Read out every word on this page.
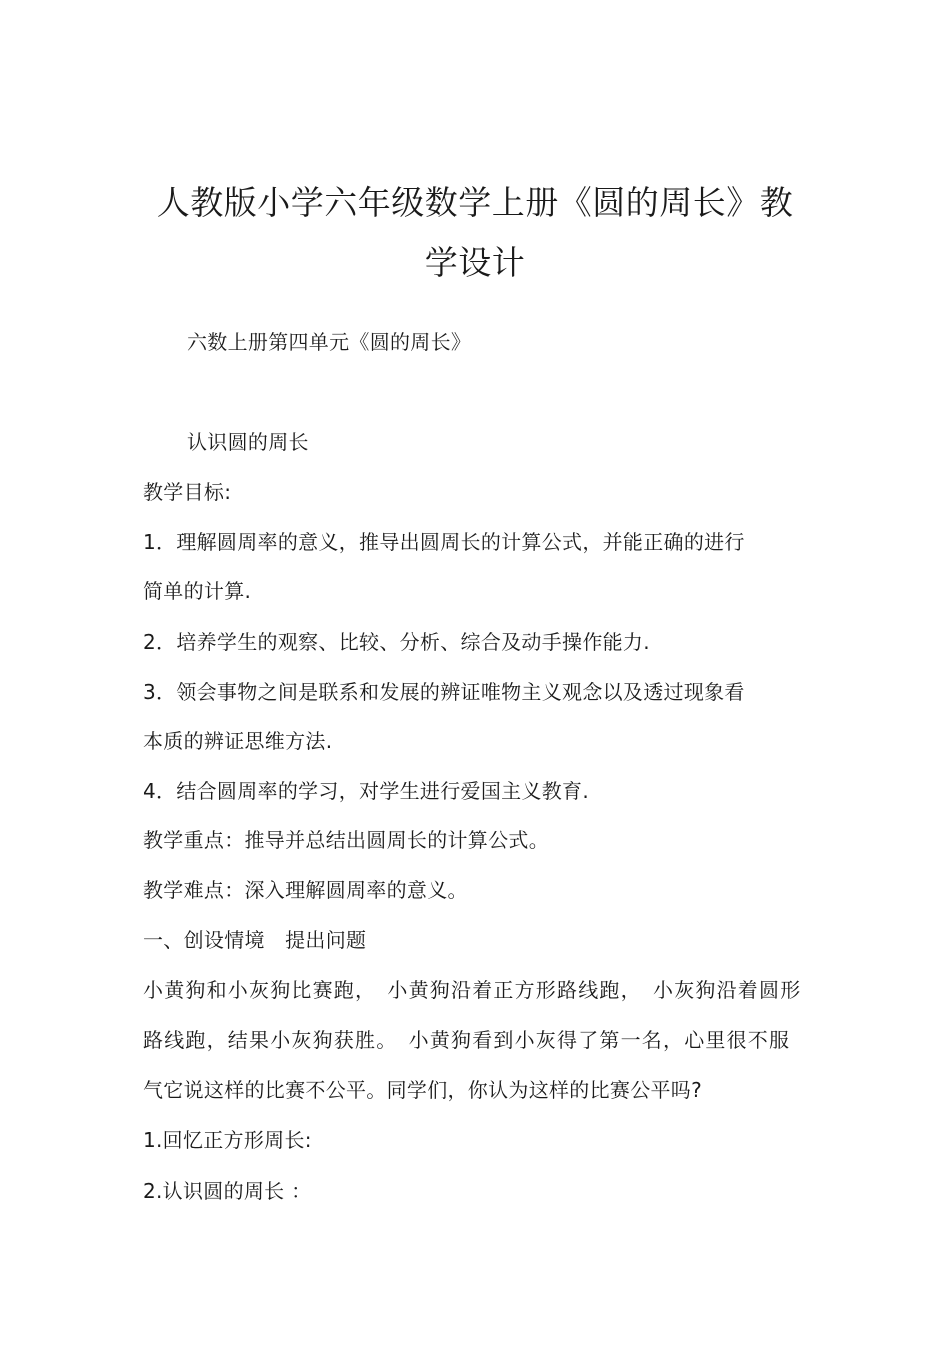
人教版小学六年级数学上册《圆的周长》教
学设计
六数上册第四单元《圆的周长》
认识圆的周长
教学目标:
1．理解圆周率的意义，推导出圆周长的计算公式，并能正确的进行
简单的计算.
2．培养学生的观察、比较、分析、综合及动手操作能力.
3．领会事物之间是联系和发展的辨证唯物主义观念以及透过现象看
本质的辨证思维方法.
4．结合圆周率的学习，对学生进行爱国主义教育.
教学重点：推导并总结出圆周长的计算公式。
教学难点：深入理解圆周率的意义。
一、创设情境　提出问题
小黄狗和小灰狗比赛跑，　小黄狗沿着正方形路线跑，　小灰狗沿着圆形
路线跑，结果小灰狗获胜。　小黄狗看到小灰得了第一名，心里很不服
气它说这样的比赛不公平。同学们，你认为这样的比赛公平吗?
1.回忆正方形周长:
2.认识圆的周长 ：
